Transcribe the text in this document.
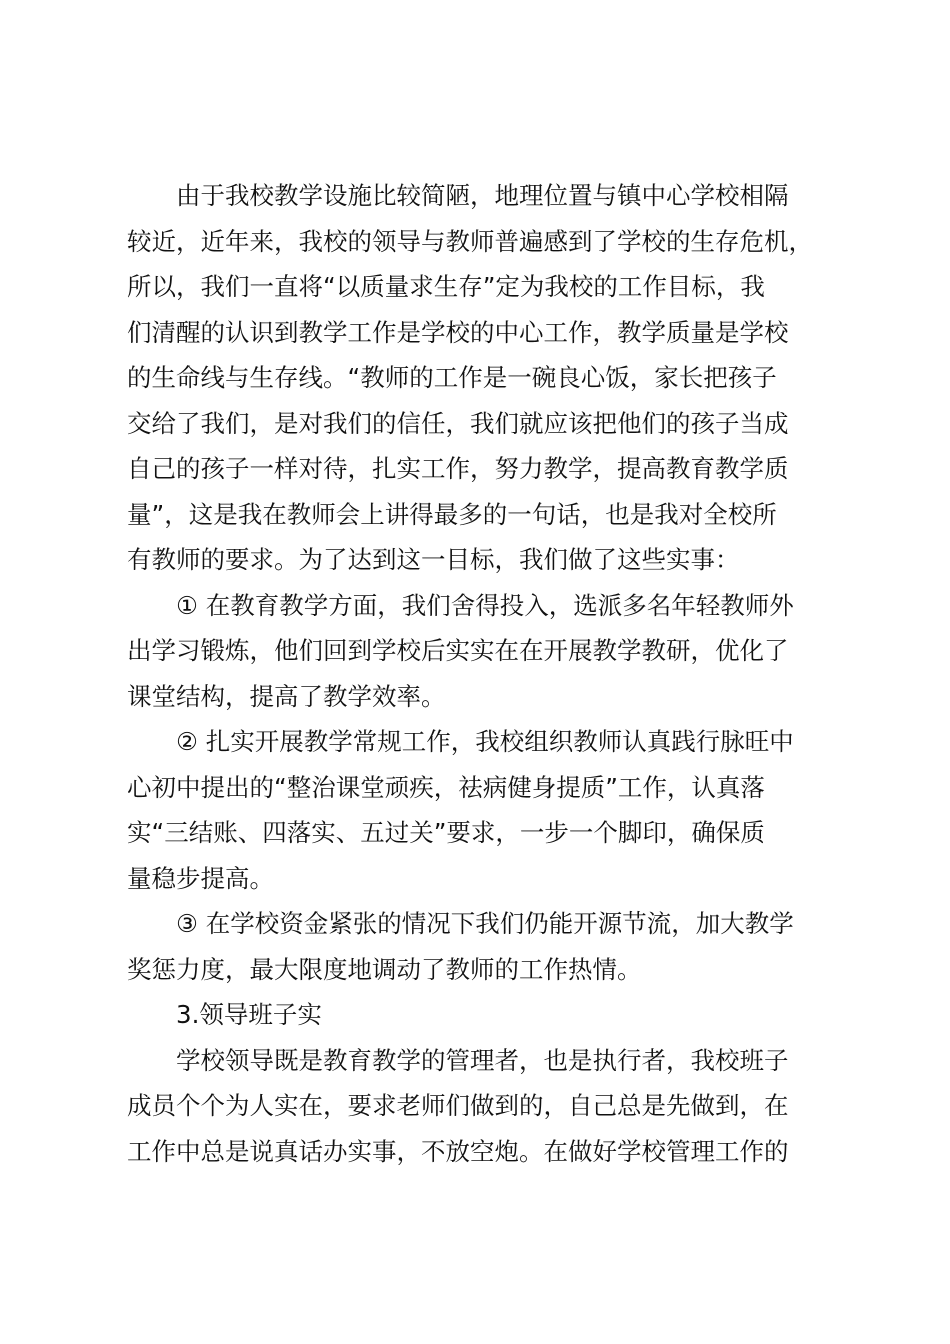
由于我校教学设施比较简陋，地理位置与镇中心学校相隔
较近，近年来，我校的领导与教师普遍感到了学校的生存危机，
所以，我们一直将“以质量求生存”定为我校的工作目标，我
们清醒的认识到教学工作是学校的中心工作，教学质量是学校
的生命线与生存线。“教师的工作是一碗良心饭，家长把孩子
交给了我们，是对我们的信任，我们就应该把他们的孩子当成
自己的孩子一样对待，扎实工作，努力教学，提高教育教学质
量”，这是我在教师会上讲得最多的一句话，也是我对全校所
有教师的要求。为了达到这一目标，我们做了这些实事：

① 在教育教学方面，我们舍得投入，选派多名年轻教师外
出学习锻炼，他们回到学校后实实在在开展教学教研，优化了
课堂结构，提高了教学效率。

② 扎实开展教学常规工作，我校组织教师认真践行脉旺中
心初中提出的“整治课堂顽疾，祛病健身提质”工作，认真落
实“三结账、四落实、五过关”要求，一步一个脚印，确保质
量稳步提高。

③ 在学校资金紧张的情况下我们仍能开源节流，加大教学
奖惩力度，最大限度地调动了教师的工作热情。

3.领导班子实

学校领导既是教育教学的管理者，也是执行者，我校班子
成员个个为人实在，要求老师们做到的，自己总是先做到，在
工作中总是说真话办实事，不放空炮。在做好学校管理工作的
